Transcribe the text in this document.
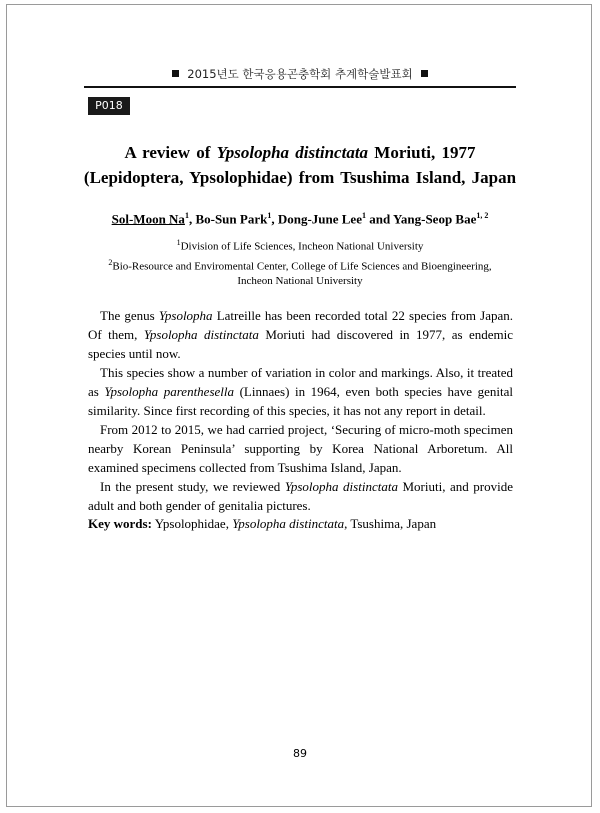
2015년도 한국응용곤충학회 추계학술발표회
P018
A review of Ypsolopha distinctata Moriuti, 1977
(Lepidoptera, Ypsolophidae) from Tsushima Island, Japan
Sol-Moon Na$^1$, Bo-Sun Park$^1$, Dong-June Lee$^1$ and Yang-Seop Bae$^{1, 2}$
$^1$Division of Life Sciences, Incheon National University
$^2$Bio-Resource and Enviromental Center, College of Life Sciences and Bioengineering,
Incheon National University

The genus Ypsolopha Latreille has been recorded total 22 species from Japan. Of them, Ypsolopha distinctata Moriuti had discovered in 1977, as endemic species until now.

This species show a number of variation in color and markings. Also, it treated as Ypsolopha parenthesella (Linnaes) in 1964, even both species have genital similarity. Since first recording of this species, it has not any report in detail.

From 2012 to 2015, we had carried project, ‘Securing of micro-moth specimen nearby Korean Peninsula’ supporting by Korea National Arboretum. All examined specimens collected from Tsushima Island, Japan.

In the present study, we reviewed Ypsolopha distinctata Moriuti, and provide adult and both gender of genitalia pictures.

Key words: Ypsolophidae, Ypsolopha distinctata, Tsushima, Japan
89
